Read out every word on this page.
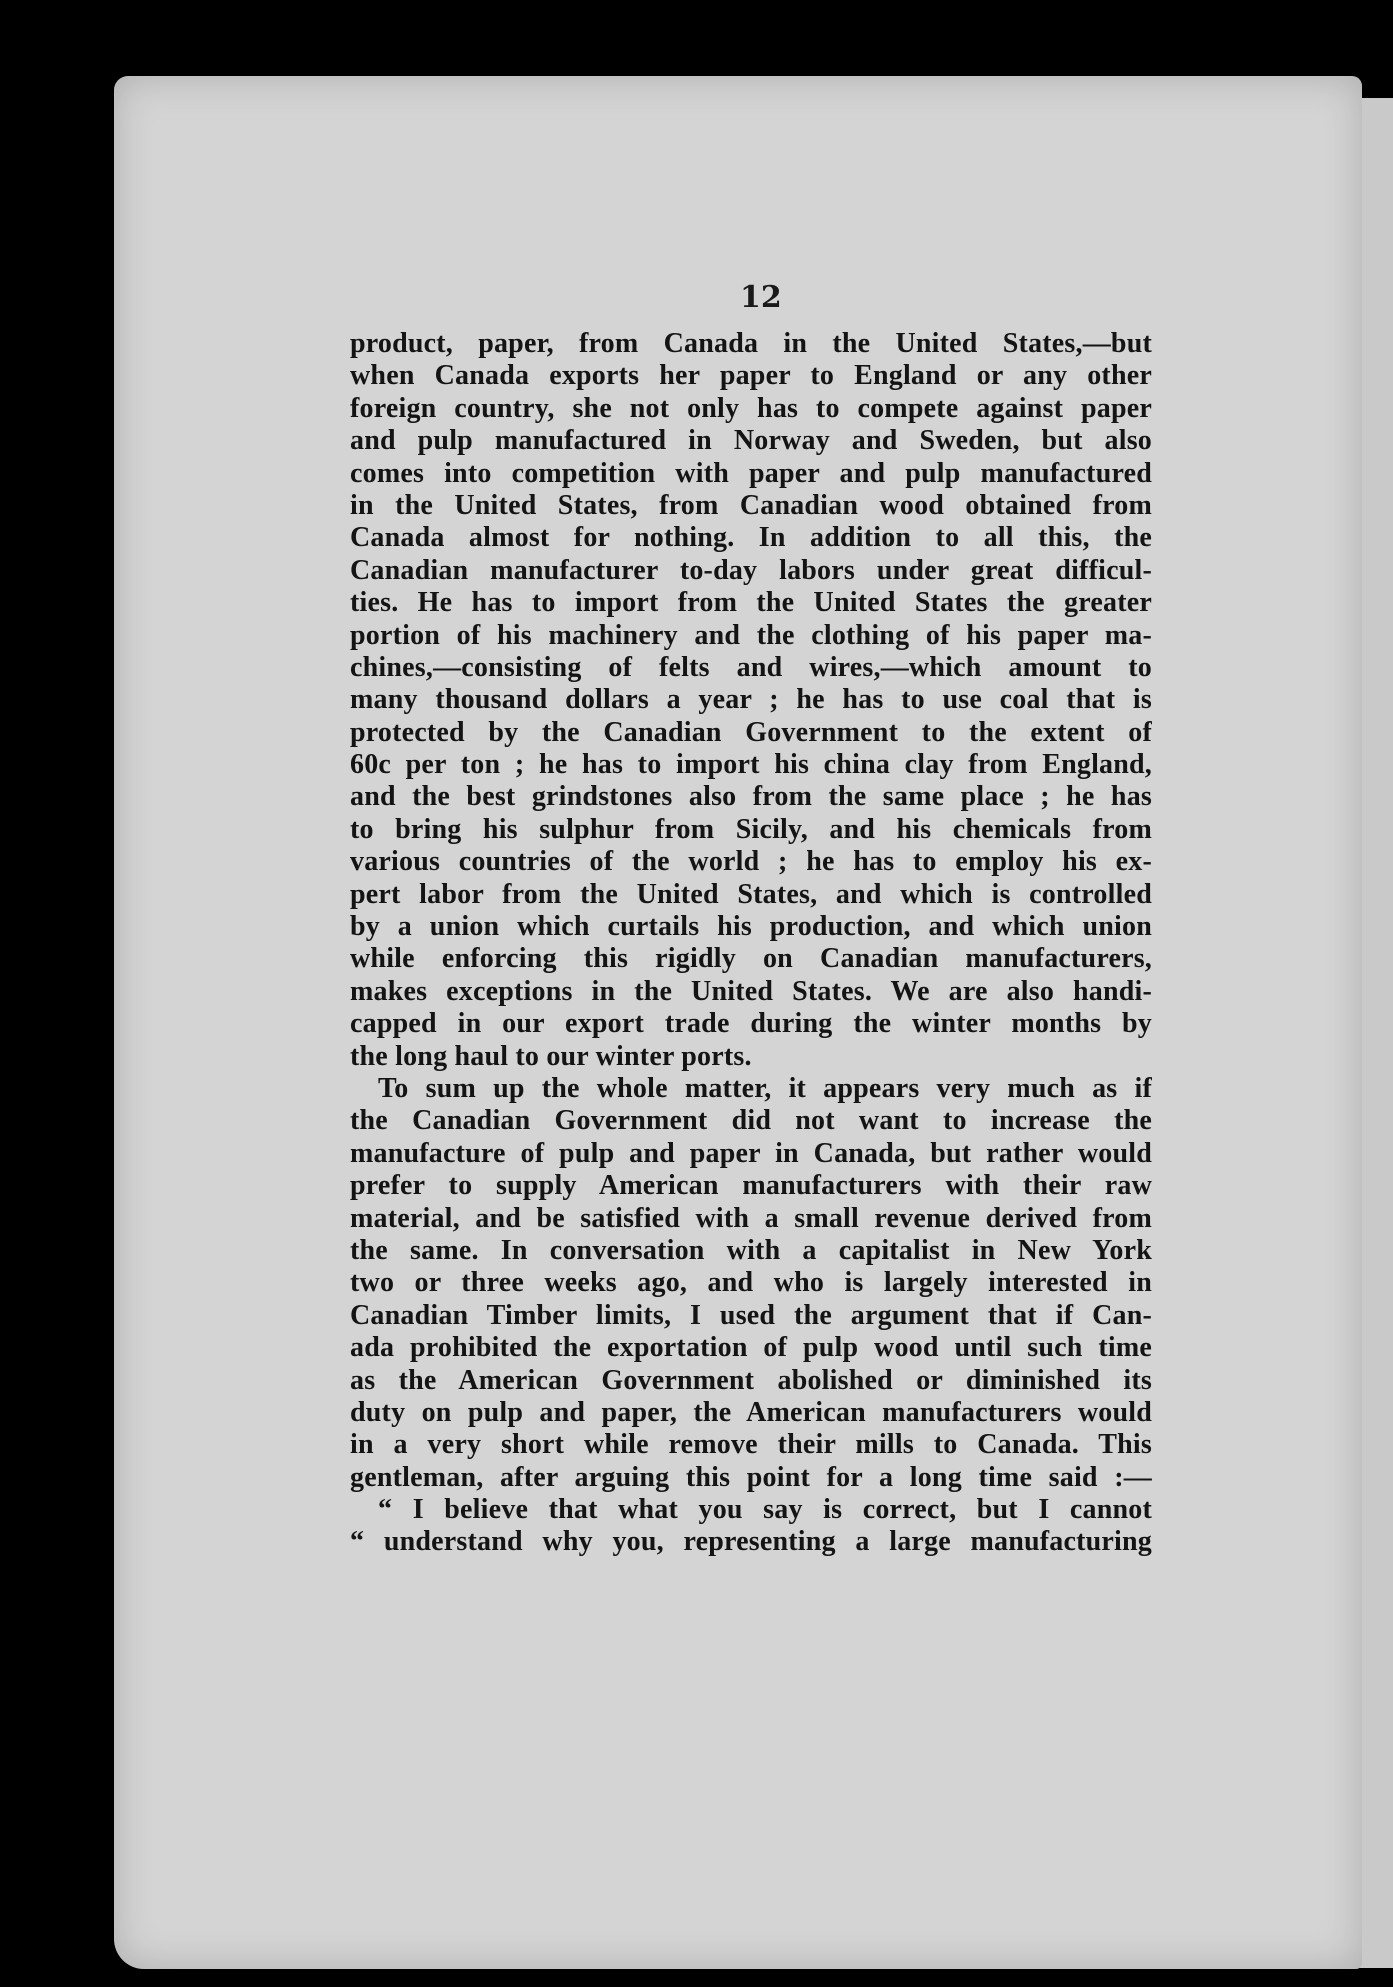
12
product, paper, from Canada in the United States,—but
when Canada exports her paper to England or any other
foreign country, she not only has to compete against paper
and pulp manufactured in Norway and Sweden, but also
comes into competition with paper and pulp manufactured
in the United States, from Canadian wood obtained from
Canada almost for nothing. In addition to all this, the
Canadian manufacturer to-day labors under great difficul-
ties. He has to import from the United States the greater
portion of his machinery and the clothing of his paper ma-
chines,—consisting of felts and wires,—which amount to
many thousand dollars a year ; he has to use coal that is
protected by the Canadian Government to the extent of
60c per ton ; he has to import his china clay from England,
and the best grindstones also from the same place ; he has
to bring his sulphur from Sicily, and his chemicals from
various countries of the world ; he has to employ his ex-
pert labor from the United States, and which is controlled
by a union which curtails his production, and which union
while enforcing this rigidly on Canadian manufacturers,
makes exceptions in the United States. We are also handi-
capped in our export trade during the winter months by
the long haul to our winter ports.
To sum up the whole matter, it appears very much as if
the Canadian Government did not want to increase the
manufacture of pulp and paper in Canada, but rather would
prefer to supply American manufacturers with their raw
material, and be satisfied with a small revenue derived from
the same. In conversation with a capitalist in New York
two or three weeks ago, and who is largely interested in
Canadian Timber limits, I used the argument that if Can-
ada prohibited the exportation of pulp wood until such time
as the American Government abolished or diminished its
duty on pulp and paper, the American manufacturers would
in a very short while remove their mills to Canada. This
gentleman, after arguing this point for a long time said :—
“ I believe that what you say is correct, but I cannot
“ understand why you, representing a large manufacturing
